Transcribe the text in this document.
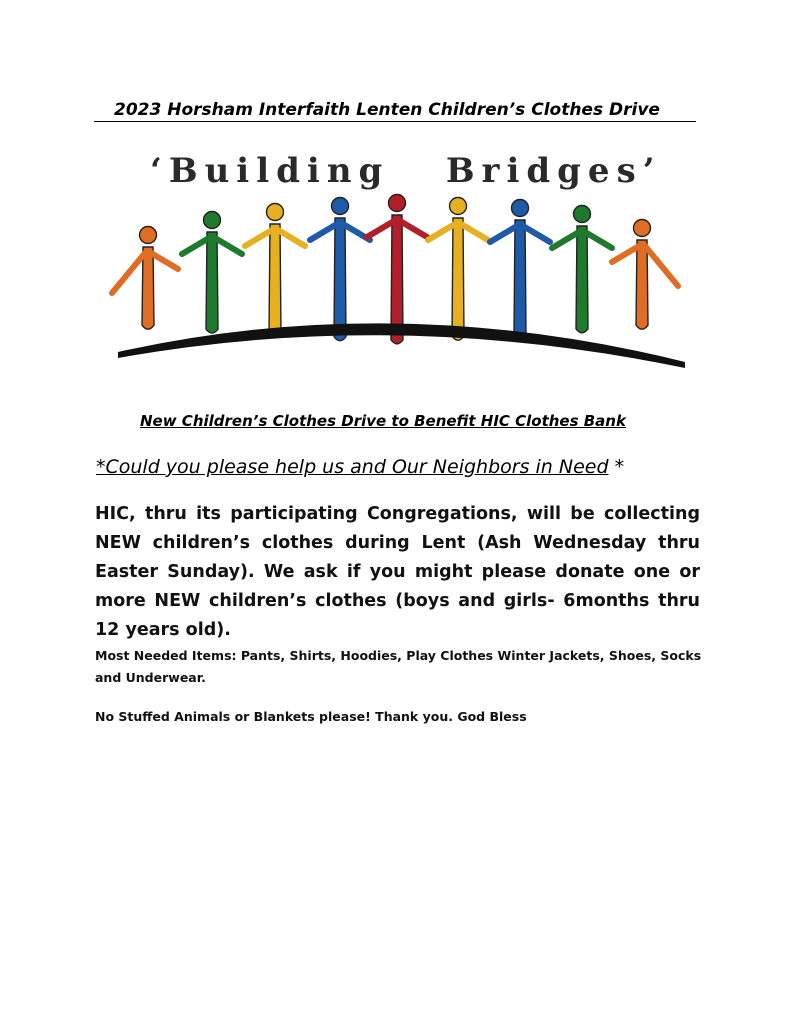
2023 Horsham Interfaith Lenten Children’s Clothes Drive
‘Building   Bridges’
New Children’s Clothes Drive to Benefit HIC Clothes Bank
*Could you please help us and Our Neighbors in Need *
HIC, thru its participating Congregations, will be collecting NEW children’s clothes during Lent (Ash Wednesday thru Easter Sunday). We ask if you might please donate one or more NEW children’s clothes (boys and girls- 6months thru 12 years old).
Most Needed Items: Pants, Shirts, Hoodies, Play Clothes Winter Jackets, Shoes, Socks and Underwear.
No Stuffed Animals or Blankets please! Thank you. God Bless
